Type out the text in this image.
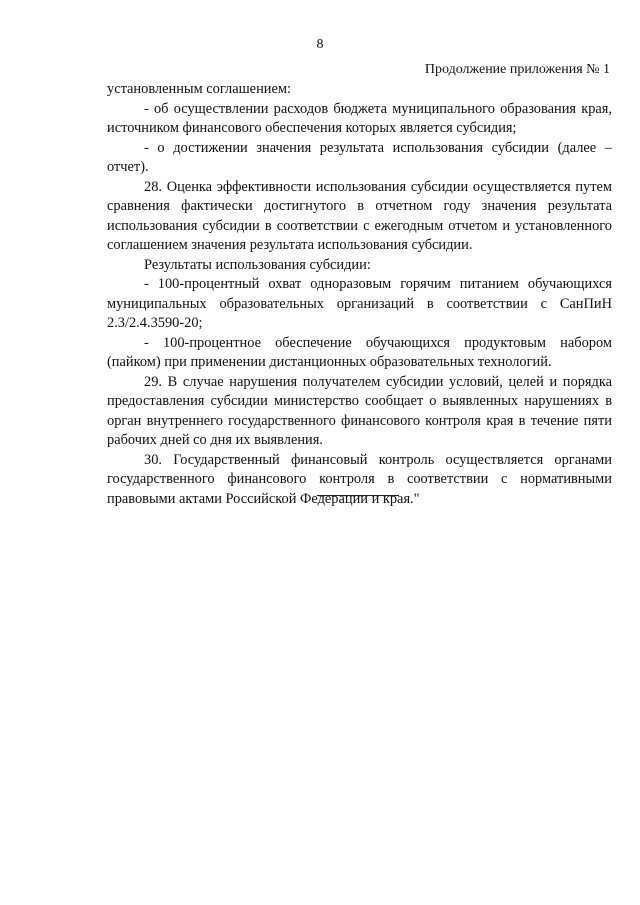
8
Продолжение приложения № 1

установленным соглашением:

- об осуществлении расходов бюджета муниципального образования края, источником финансового обеспечения которых является субсидия;

- о достижении значения результата использования субсидии (далее – отчет).

28. Оценка эффективности использования субсидии осуществляется путем сравнения фактически достигнутого в отчетном году значения результата использования субсидии в соответствии с ежегодным отчетом и установленного соглашением значения результата использования субсидии.

Результаты использования субсидии:

- 100-процентный охват одноразовым горячим питанием обучающихся муниципальных образовательных организаций в соответствии с СанПиН 2.3/2.4.3590-20;

- 100-процентное обеспечение обучающихся продуктовым набором (пайком) при применении дистанционных образовательных технологий.

29. В случае нарушения получателем субсидии условий, целей и порядка предоставления субсидии министерство сообщает о выявленных нарушениях в орган внутреннего государственного финансового контроля края в течение пяти рабочих дней со дня их выявления.

30. Государственный финансовый контроль осуществляется органами государственного финансового контроля в соответствии с нормативными правовыми актами Российской Федерации и края."
